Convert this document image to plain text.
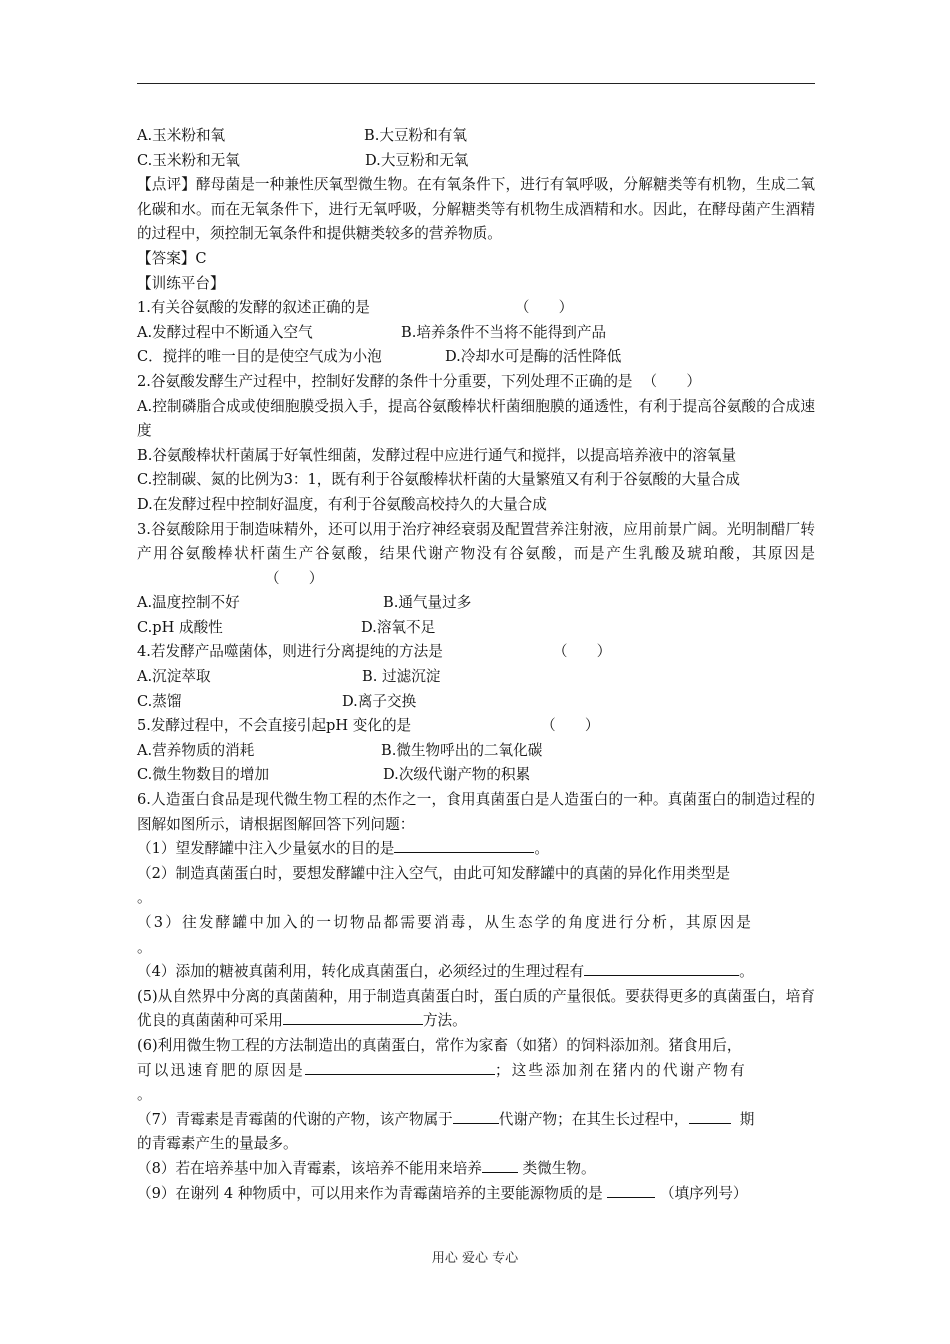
A.玉米粉和氧	B.大豆粉和有氧

C.玉米粉和无氧	D.大豆粉和无氧

【点评】酵母菌是一种兼性厌氧型微生物。在有氧条件下，进行有氧呼吸，分解糖类等有机物，生成二氧化碳和水。而在无氧条件下，进行无氧呼吸，分解糖类等有机物生成酒精和水。因此，在酵母菌产生酒精的过程中，须控制无氧条件和提供糖类较多的营养物质。

【答案】C

【训练平台】

1.有关谷氨酸的发酵的叙述正确的是	（　　）

A.发酵过程中不断通入空气	B.培养条件不当将不能得到产品

C．搅拌的唯一目的是使空气成为小泡	D.冷却水可是酶的活性降低

2.谷氨酸发酵生产过程中，控制好发酵的条件十分重要，下列处理不正确的是 （　　）

A.控制磷脂合成或使细胞膜受损入手，提高谷氨酸棒状杆菌细胞膜的通透性，有利于提高谷氨酸的合成速度

B.谷氨酸棒状杆菌属于好氧性细菌，发酵过程中应进行通气和搅拌，以提高培养液中的溶氧量

C.控制碳、氮的比例为3：1，既有利于谷氨酸棒状杆菌的大量繁殖又有利于谷氨酸的大量合成

D.在发酵过程中控制好温度，有利于谷氨酸高校持久的大量合成

3.谷氨酸除用于制造味精外，还可以用于治疗神经衰弱及配置营养注射液，应用前景广阔。光明制醋厂转产用谷氨酸棒状杆菌生产谷氨酸，结果代谢产物没有谷氨酸，而是产生乳酸及琥珀酸，其原因是（　　）

A.温度控制不好	B.通气量过多

C.pH 成酸性	D.溶氧不足

4.若发酵产品噬菌体，则进行分离提纯的方法是	（　　）

A.沉淀萃取	B. 过滤沉淀

C.蒸馏	D.离子交换

5.发酵过程中，不会直接引起pH 变化的是	（　　）

A.营养物质的消耗	B.微生物呼出的二氧化碳

C.微生物数目的增加	D.次级代谢产物的积累

6.人造蛋白食品是现代微生物工程的杰作之一，食用真菌蛋白是人造蛋白的一种。真菌蛋白的制造过程的图解如图所示，请根据图解回答下列问题：

（1）望发酵罐中注入少量氨水的目的是	。

（2）制造真菌蛋白时，要想发酵罐中注入空气，由此可知发酵罐中的真菌的异化作用类型是

。

（3）往发酵罐中加入的一切物品都需要消毒，从生态学的角度进行分析，其原因是

。

（4）添加的糖被真菌利用，转化成真菌蛋白，必须经过的生理过程有	。

(5)从自然界中分离的真菌菌种，用于制造真菌蛋白时，蛋白质的产量很低。要获得更多的真菌蛋白，培育优良的真菌菌种可采用	方法。

(6)利用微生物工程的方法制造出的真菌蛋白，常作为家畜（如猪）的饲料添加剂。猪食用后，

可以迅速育肥的原因是	；这些添加剂在猪内的代谢产物有

。

（7）青霉素是青霉菌的代谢的产物，该产物属于	代谢产物；在其生长过程中，	期

的青霉素产生的量最多。

（8）若在培养基中加入青霉素，该培养不能用来培养	类微生物。

（9）在谢列 4 种物质中，可以用来作为青霉菌培养的主要能源物质的是	（填序列号）

用心 爱心 专心
